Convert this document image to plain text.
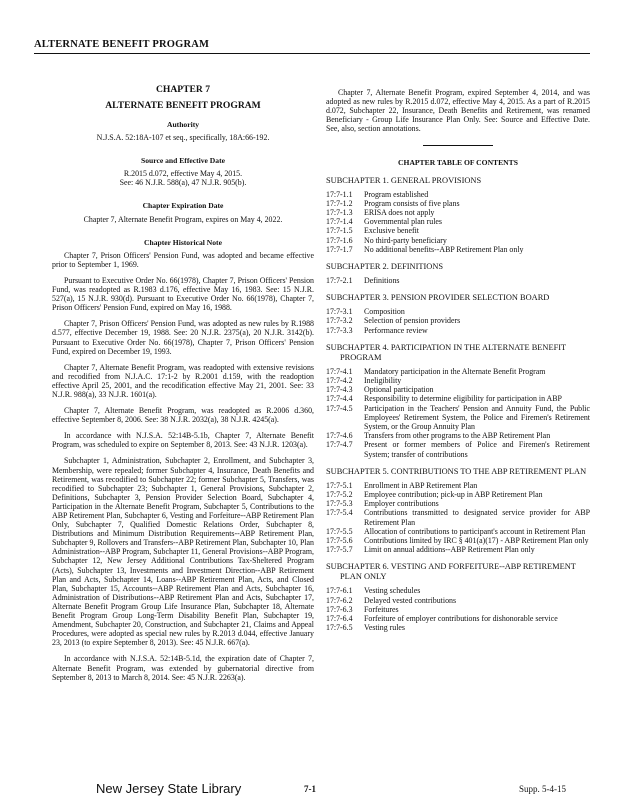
ALTERNATE BENEFIT PROGRAM
CHAPTER 7
ALTERNATE BENEFIT PROGRAM
Authority
N.J.S.A. 52:18A-107 et seq., specifically, 18A:66-192.
Source and Effective Date
R.2015 d.072, effective May 4, 2015.
See: 46 N.J.R. 588(a), 47 N.J.R. 905(b).
Chapter Expiration Date
Chapter 7, Alternate Benefit Program, expires on May 4, 2022.
Chapter Historical Note

Chapter 7, Prison Officers' Pension Fund, was adopted and became effective prior to September 1, 1969.

Pursuant to Executive Order No. 66(1978), Chapter 7, Prison Officers' Pension Fund, was readopted as R.1983 d.176, effective May 16, 1983. See: 15 N.J.R. 527(a), 15 N.J.R. 930(d). Pursuant to Executive Order No. 66(1978), Chapter 7, Prison Officers' Pension Fund, expired on May 16, 1988.

Chapter 7, Prison Officers' Pension Fund, was adopted as new rules by R.1988 d.577, effective December 19, 1988. See: 20 N.J.R. 2375(a), 20 N.J.R. 3142(b). Pursuant to Executive Order No. 66(1978), Chapter 7, Prison Officers' Pension Fund, expired on December 19, 1993.

Chapter 7, Alternate Benefit Program, was readopted with extensive revisions and recodified from N.J.A.C. 17:1-2 by R.2001 d.159, with the readoption effective April 25, 2001, and the recodification effective May 21, 2001. See: 33 N.J.R. 988(a), 33 N.J.R. 1601(a).

Chapter 7, Alternate Benefit Program, was readopted as R.2006 d.360, effective September 8, 2006. See: 38 N.J.R. 2032(a), 38 N.J.R. 4245(a).

In accordance with N.J.S.A. 52:14B-5.1b, Chapter 7, Alternate Benefit Program, was scheduled to expire on September 8, 2013. See: 43 N.J.R. 1203(a).

Subchapter 1, Administration, Subchapter 2, Enrollment, and Subchapter 3, Membership, were repealed; former Subchapter 4, Insurance, Death Benefits and Retirement, was recodified to Subchapter 22; former Subchapter 5, Transfers, was recodified to Subchapter 23; Subchapter 1, General Provisions, Subchapter 2, Definitions, Subchapter 3, Pension Provider Selection Board, Subchapter 4, Participation in the Alternate Benefit Program, Subchapter 5, Contributions to the ABP Retirement Plan, Subchapter 6, Vesting and Forfeiture--ABP Retirement Plan Only, Subchapter 7, Qualified Domestic Relations Order, Subchapter 8, Distributions and Minimum Distribution Requirements--ABP Retirement Plan, Subchapter 9, Rollovers and Transfers--ABP Retirement Plan, Subchapter 10, Plan Administration--ABP Program, Subchapter 11, General Provisions--ABP Program, Subchapter 12, New Jersey Additional Contributions Tax-Sheltered Program (Acts), Subchapter 13, Investments and Investment Direction--ABP Retirement Plan and Acts, Subchapter 14, Loans--ABP Retirement Plan, Acts, and Closed Plan, Subchapter 15, Accounts--ABP Retirement Plan and Acts, Subchapter 16, Administration of Distributions--ABP Retirement Plan and Acts, Subchapter 17, Alternate Benefit Program Group Life Insurance Plan, Subchapter 18, Alternate Benefit Program Group Long-Term Disability Benefit Plan, Subchapter 19, Amendment, Subchapter 20, Construction, and Subchapter 21, Claims and Appeal Procedures, were adopted as special new rules by R.2013 d.044, effective January 23, 2013 (to expire September 8, 2013). See: 45 N.J.R. 667(a).

In accordance with N.J.S.A. 52:14B-5.1d, the expiration date of Chapter 7, Alternate Benefit Program, was extended by gubernatorial directive from September 8, 2013 to March 8, 2014. See: 45 N.J.R. 2263(a).

Chapter 7, Alternate Benefit Program, expired September 4, 2014, and was adopted as new rules by R.2015 d.072, effective May 4, 2015. As a part of R.2015 d.072, Subchapter 22, Insurance, Death Benefits and Retirement, was renamed Beneficiary - Group Life Insurance Plan Only. See: Source and Effective Date. See, also, section annotations.

CHAPTER TABLE OF CONTENTS
SUBCHAPTER 1. GENERAL PROVISIONS
17:7-1.1	Program established
17:7-1.2	Program consists of five plans
17:7-1.3	ERISA does not apply
17:7-1.4	Governmental plan rules
17:7-1.5	Exclusive benefit
17:7-1.6	No third-party beneficiary
17:7-1.7	No additional benefits--ABP Retirement Plan only
SUBCHAPTER 2. DEFINITIONS
17:7-2.1	Definitions
SUBCHAPTER 3. PENSION PROVIDER SELECTION BOARD
17:7-3.1	Composition
17:7-3.2	Selection of pension providers
17:7-3.3	Performance review
SUBCHAPTER 4. PARTICIPATION IN THE ALTERNATE BENEFIT PROGRAM
17:7-4.1	Mandatory participation in the Alternate Benefit Program
17:7-4.2	Ineligibility
17:7-4.3	Optional participation
17:7-4.4	Responsibility to determine eligibility for participation in ABP
17:7-4.5	Participation in the Teachers' Pension and Annuity Fund, the Public Employees' Retirement System, the Police and Firemen's Retirement System, or the Group Annuity Plan
17:7-4.6	Transfers from other programs to the ABP Retirement Plan
17:7-4.7	Present or former members of Police and Firemen's Retirement System; transfer of contributions
SUBCHAPTER 5. CONTRIBUTIONS TO THE ABP RETIREMENT PLAN
17:7-5.1	Enrollment in ABP Retirement Plan
17:7-5.2	Employee contribution; pick-up in ABP Retirement Plan
17:7-5.3	Employer contributions
17:7-5.4	Contributions transmitted to designated service provider for ABP Retirement Plan
17:7-5.5	Allocation of contributions to participant's account in Retirement Plan
17:7-5.6	Contributions limited by IRC § 401(a)(17) - ABP Retirement Plan only
17:7-5.7	Limit on annual additions--ABP Retirement Plan only
SUBCHAPTER 6. VESTING AND FORFEITURE--ABP RETIREMENT PLAN ONLY
17:7-6.1	Vesting schedules
17:7-6.2	Delayed vested contributions
17:7-6.3	Forfeitures
17:7-6.4	Forfeiture of employer contributions for dishonorable service
17:7-6.5	Vesting rules
New Jersey State Library	7-1	Supp. 5-4-15
